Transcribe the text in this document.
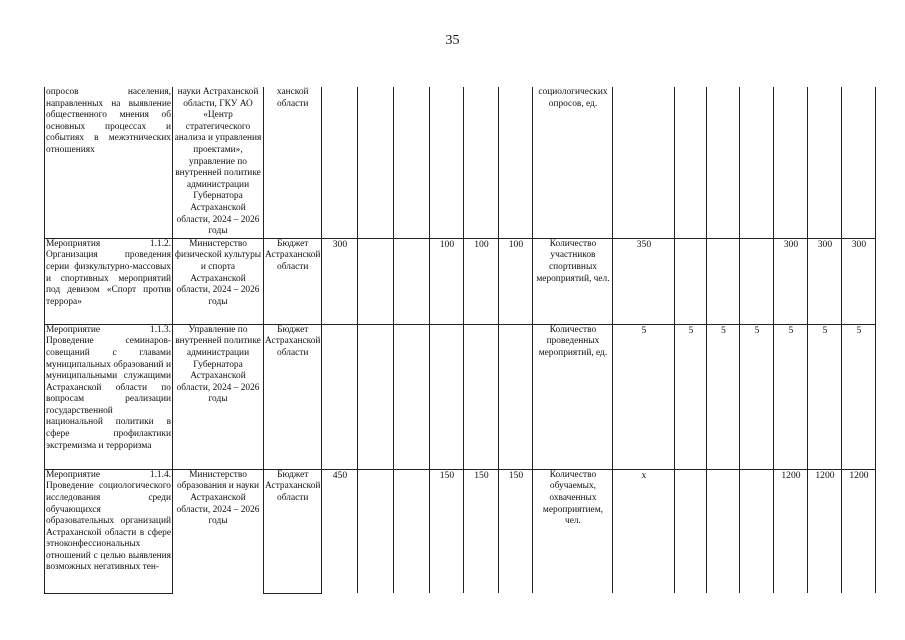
35
опросов населения, направленных на выявление общественного мнения об основных процессах и событиях в межэтнических отношениях	науки Астраханской области, ГКУ АО «Центр стратегического анализа и управления проектами», управление по внутренней политике администрации Губернатора Астраханской области, 2024 – 2026 годы	ханской области							социологических опросов, ед.							
Мероприятия 1.1.2. Организация проведения серии физкультурно-массовых и спортивных мероприятий под девизом «Спорт против террора»	Министерство физической культуры и спорта Астраханской области, 2024 – 2026 годы	Бюджет Астраханской области	300			100	100	100	Количество участников спортивных мероприятий, чел.	350				300	300	300
Мероприятие 1.1.3. Проведение семинаров-совещаний с главами муниципальных образований и муниципальными служащими Астраханской области по вопросам реализации государственной национальной политики в сфере профилактики экстремизма и терроризма	Управление по внутренней политике администрации Губернатора Астраханской области, 2024 – 2026 годы	Бюджет Астраханской области							Количество проведенных мероприятий, ед.	5	5	5	5	5	5	5
Мероприятие 1.1.4. Проведение социологического исследования среди обучающихся образовательных организаций Астраханской области в сфере этноконфессиональных отношений с целью выявления возможных негативных тен-	Министерство образования и науки Астраханской области, 2024 – 2026 годы	Бюджет Астраханской области	450			150	150	150	Количество обучаемых, охваченных мероприятием, чел.	х				1200	1200	1200
